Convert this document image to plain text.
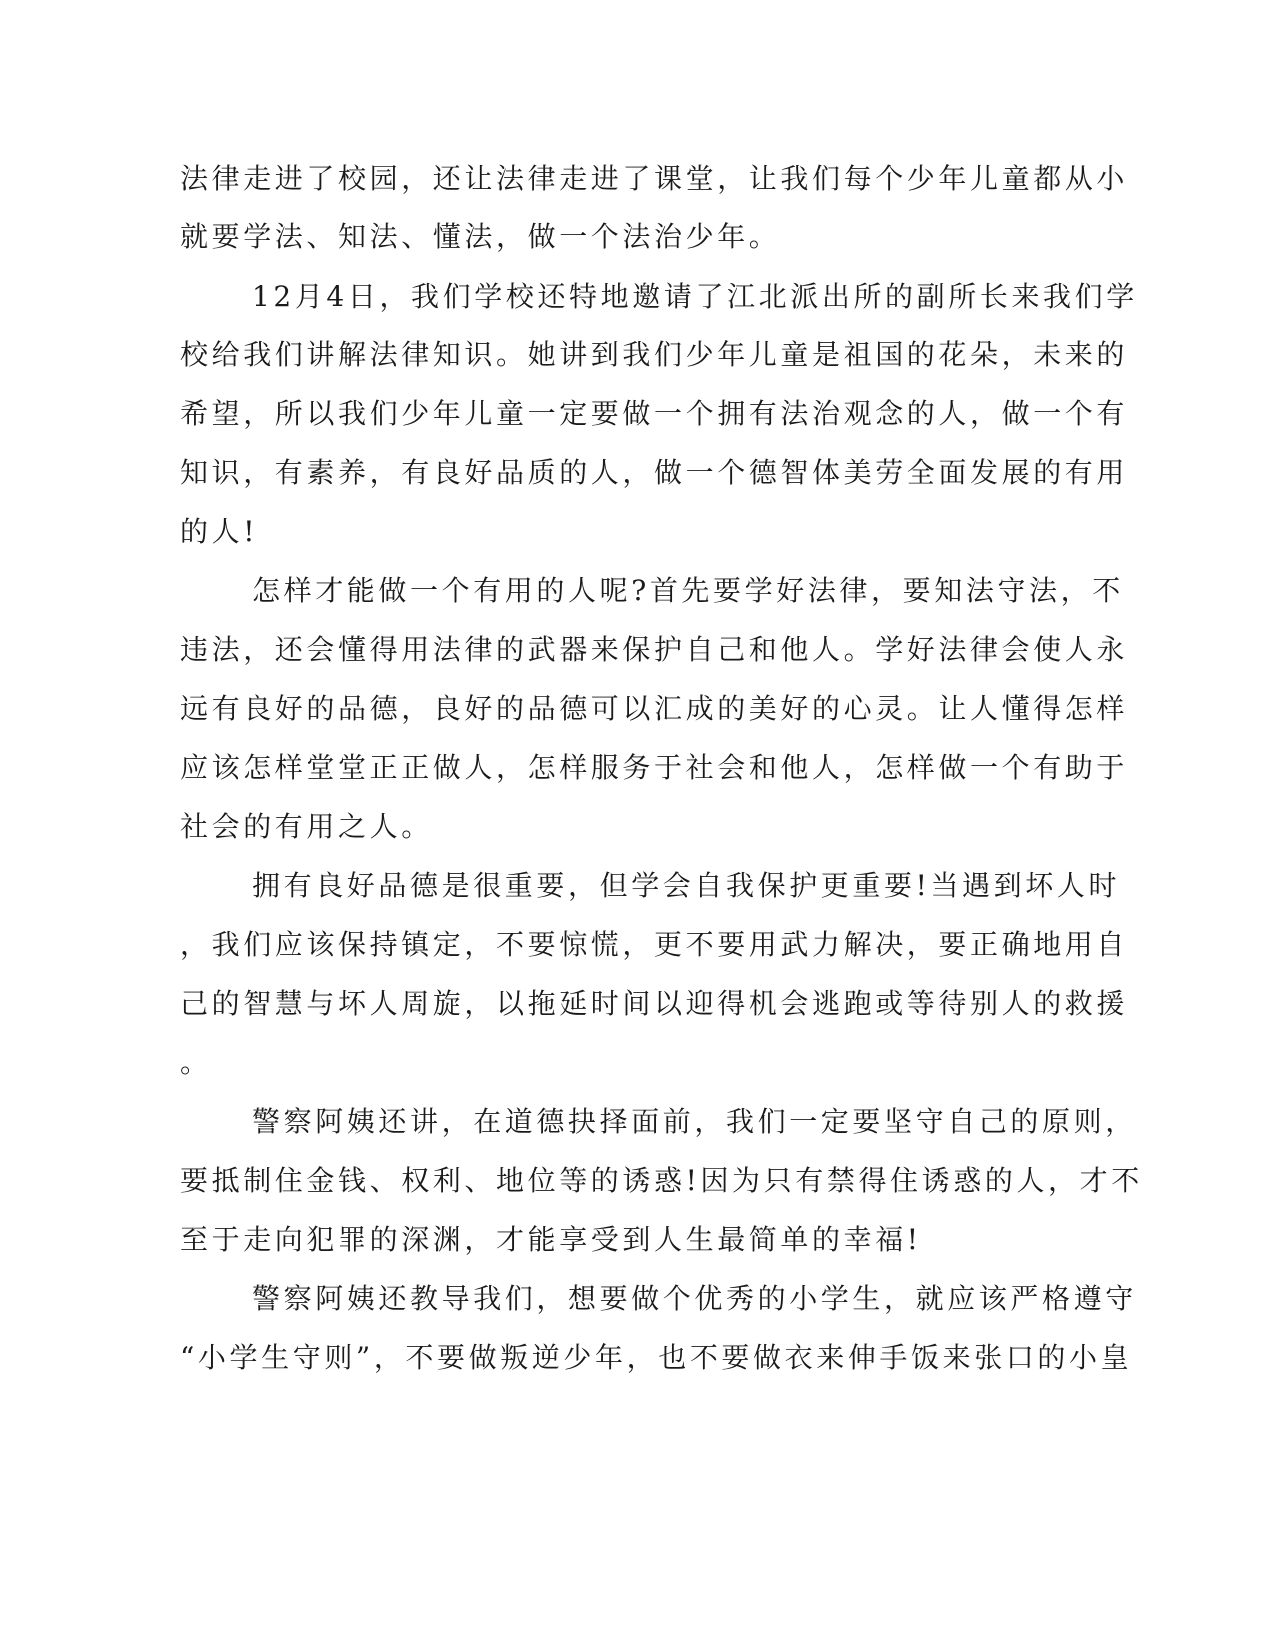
法律走进了校园，还让法律走进了课堂，让我们每个少年儿童都从小
就要学法、知法、懂法，做一个法治少年。
12月4日，我们学校还特地邀请了江北派出所的副所长来我们学
校给我们讲解法律知识。她讲到我们少年儿童是祖国的花朵，未来的
希望，所以我们少年儿童一定要做一个拥有法治观念的人，做一个有
知识，有素养，有良好品质的人，做一个德智体美劳全面发展的有用
的人!
怎样才能做一个有用的人呢?首先要学好法律，要知法守法，不
违法，还会懂得用法律的武器来保护自己和他人。学好法律会使人永
远有良好的品德，良好的品德可以汇成的美好的心灵。让人懂得怎样
应该怎样堂堂正正做人，怎样服务于社会和他人，怎样做一个有助于
社会的有用之人。
拥有良好品德是很重要，但学会自我保护更重要!当遇到坏人时
，我们应该保持镇定，不要惊慌，更不要用武力解决，要正确地用自
己的智慧与坏人周旋，以拖延时间以迎得机会逃跑或等待别人的救援
。
警察阿姨还讲，在道德抉择面前，我们一定要坚守自己的原则，
要抵制住金钱、权利、地位等的诱惑!因为只有禁得住诱惑的人，才不
至于走向犯罪的深渊，才能享受到人生最简单的幸福!
警察阿姨还教导我们，想要做个优秀的小学生，就应该严格遵守
“小学生守则”，不要做叛逆少年，也不要做衣来伸手饭来张口的小皇
